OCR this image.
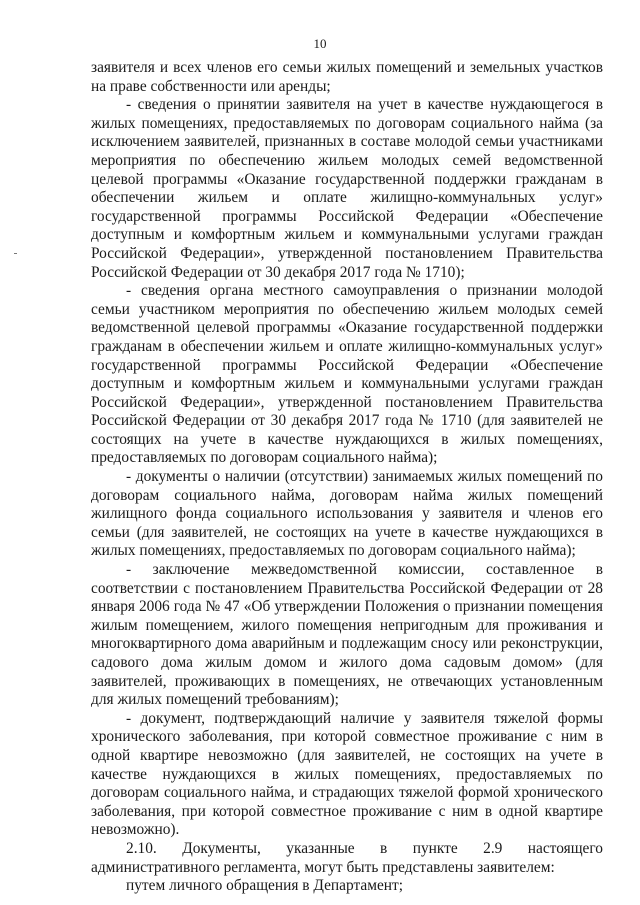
10

заявителя и всех членов его семьи жилых помещений и земельных участков на праве собственности или аренды;

- сведения о принятии заявителя на учет в качестве нуждающегося в жилых помещениях, предоставляемых по договорам социального найма (за исключением заявителей, признанных в составе молодой семьи участниками мероприятия по обеспечению жильем молодых семей ведомственной целевой программы «Оказание государственной поддержки гражданам в обеспечении жильем и оплате жилищно-коммунальных услуг» государственной программы Российской Федерации «Обеспечение доступным и комфортным жильем и коммунальными услугами граждан Российской Федерации», утвержденной постановлением Правительства Российской Федерации от 30 декабря 2017 года № 1710);

- сведения органа местного самоуправления о признании молодой семьи участником мероприятия по обеспечению жильем молодых семей ведомственной целевой программы «Оказание государственной поддержки гражданам в обеспечении жильем и оплате жилищно-коммунальных услуг» государственной программы Российской Федерации «Обеспечение доступным и комфортным жильем и коммунальными услугами граждан Российской Федерации», утвержденной постановлением Правительства Российской Федерации от 30 декабря 2017 года № 1710 (для заявителей не состоящих на учете в качестве нуждающихся в жилых помещениях, предоставляемых по договорам социального найма);

- документы о наличии (отсутствии) занимаемых жилых помещений по договорам социального найма, договорам найма жилых помещений жилищного фонда социального использования у заявителя и членов его семьи (для заявителей, не состоящих на учете в качестве нуждающихся в жилых помещениях, предоставляемых по договорам социального найма);

- заключение межведомственной комиссии, составленное в соответствии с постановлением Правительства Российской Федерации от 28 января 2006 года № 47 «Об утверждении Положения о признании помещения жилым помещением, жилого помещения непригодным для проживания и многоквартирного дома аварийным и подлежащим сносу или реконструкции, садового дома жилым домом и жилого дома садовым домом» (для заявителей, проживающих в помещениях, не отвечающих установленным для жилых помещений требованиям);

- документ, подтверждающий наличие у заявителя тяжелой формы хронического заболевания, при которой совместное проживание с ним в одной квартире невозможно (для заявителей, не состоящих на учете в качестве нуждающихся в жилых помещениях, предоставляемых по договорам социального найма, и страдающих тяжелой формой хронического заболевания, при которой совместное проживание с ним в одной квартире невозможно).

2.10. Документы, указанные в пункте 2.9 настоящего административного регламента, могут быть представлены заявителем:

путем личного обращения в Департамент;
